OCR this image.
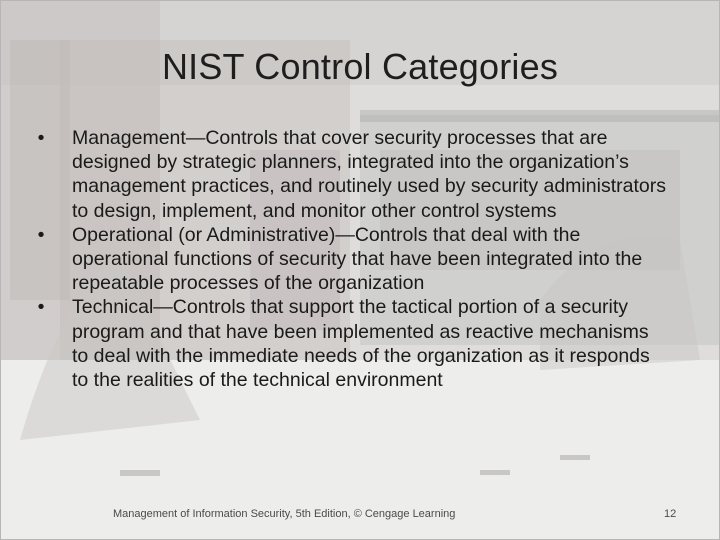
NIST Control Categories
• Management—Controls that cover security processes that are designed by strategic planners, integrated into the organization’s management practices, and routinely used by security administrators to design, implement, and monitor other control systems
• Operational (or Administrative)—Controls that deal with the operational functions of security that have been integrated into the repeatable processes of the organization
• Technical—Controls that support the tactical portion of a security program and that have been implemented as reactive mechanisms to deal with the immediate needs of the organization as it responds to the realities of the technical environment
Management of Information Security, 5th Edition, © Cengage Learning	12
